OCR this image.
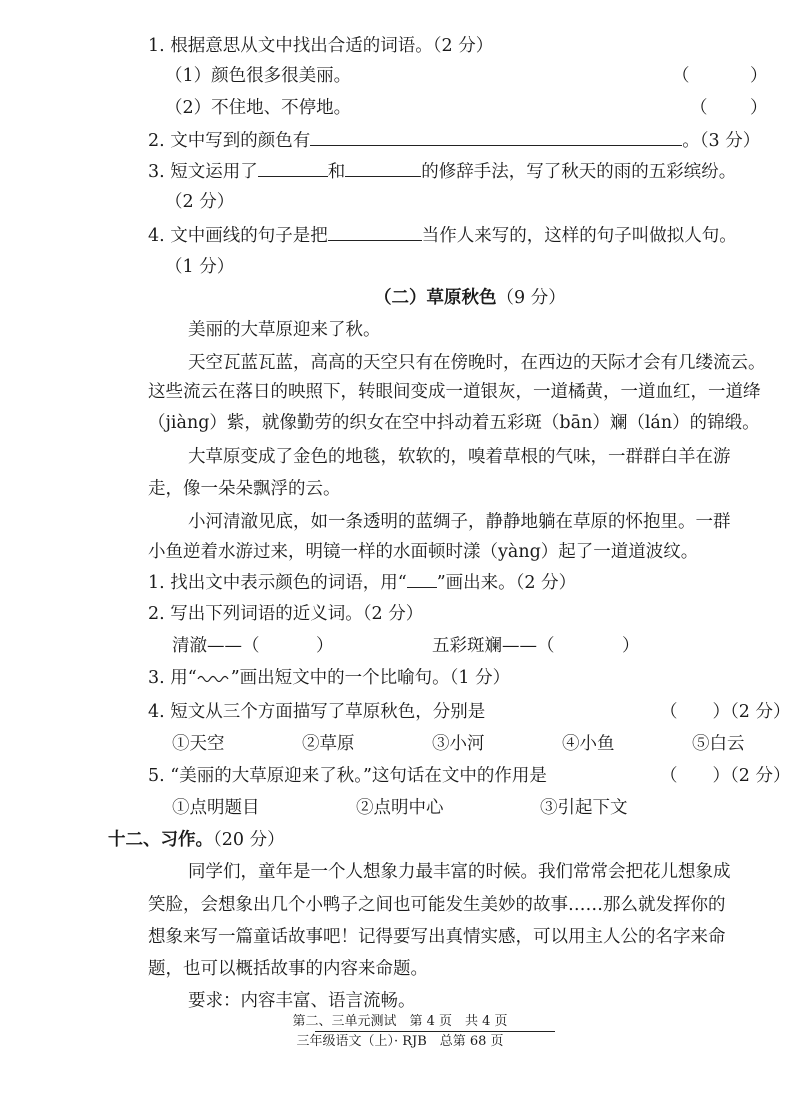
1. 根据意思从文中找出合适的词语。（2 分）
（1）颜色很多很美丽。	（	）
（2）不住地、不停地。	（ ）
2. 文中写到的颜色有	。（3 分）
3. 短文运用了	和	的修辞手法，写了秋天的雨的五彩缤纷。
（2 分）
4. 文中画线的句子是把	当作人来写的，这样的句子叫做拟人句。
（1 分）
（二）草原秋色（9 分）
美丽的大草原迎来了秋。
天空瓦蓝瓦蓝，高高的天空只有在傍晚时，在西边的天际才会有几缕流云。
这些流云在落日的映照下，转眼间变成一道银灰，一道橘黄，一道血红，一道绛
（jiàng）紫，就像勤劳的织女在空中抖动着五彩斑（bān）斓（lán）的锦缎。
大草原变成了金色的地毯，软软的，嗅着草根的气味，一群群白羊在游
走，像一朵朵飘浮的云。
小河清澈见底，如一条透明的蓝绸子，静静地躺在草原的怀抱里。一群
小鱼逆着水游过来，明镜一样的水面顿时漾（yàng）起了一道道波纹。
1. 找出文中表示颜色的词语，用“ ”画出来。（2 分）
2. 写出下列词语的近义词。（2 分）
清澈——（	）	五彩斑斓——（	）
3. 用“ ”画出短文中的一个比喻句。（1 分）
4. 短文从三个方面描写了草原秋色，分别是	（　　）（2 分）
①天空	②草原	③小河	④小鱼	⑤白云
5. “美丽的大草原迎来了秋。”这句话在文中的作用是	（　　）（2 分）
①点明题目	②点明中心	③引起下文
十二、习作。（20 分）
同学们，童年是一个人想象力最丰富的时候。我们常常会把花儿想象成
笑脸，会想象出几个小鸭子之间也可能发生美妙的故事……那么就发挥你的
想象来写一篇童话故事吧！记得要写出真情实感，可以用主人公的名字来命
题，也可以概括故事的内容来命题。
要求：内容丰富、语言流畅。
第二、三单元测试　第 4 页　共 4 页
三年级语文（上）· RJB　总第 68 页
